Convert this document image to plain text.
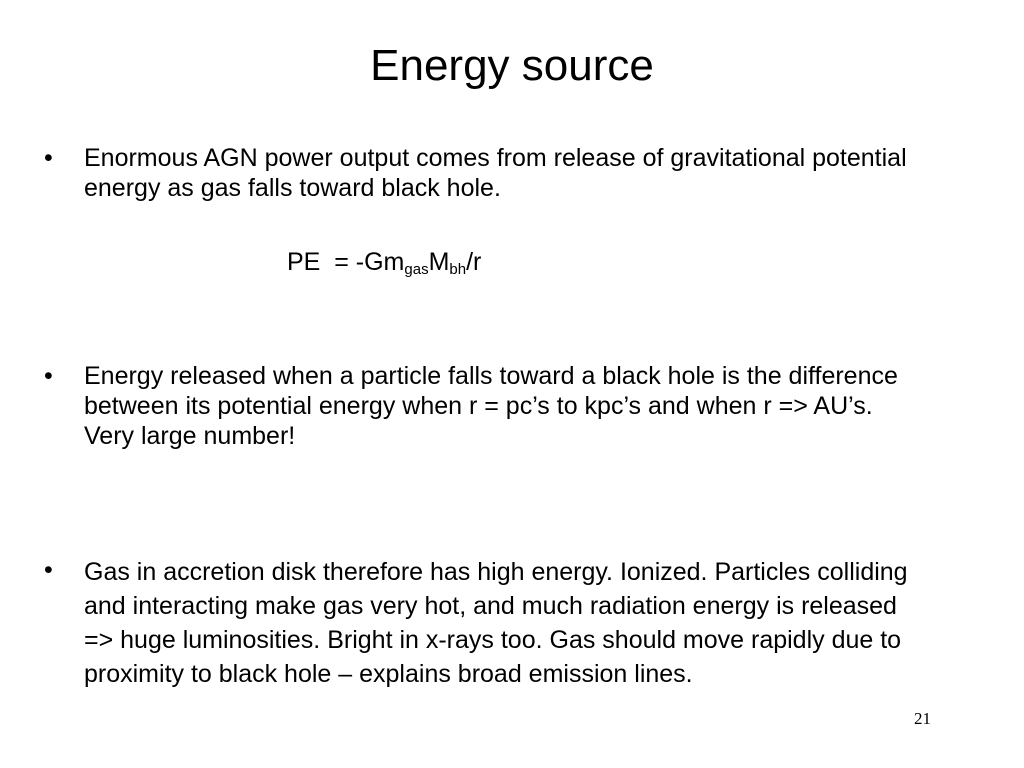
Energy source
• Enormous AGN power output comes from release of gravitational potential energy as gas falls toward black hole.
PE  = $-Gm_{gas}M_{bh}/r$
• Energy released when a particle falls toward a black hole is the difference between its potential energy when r = pc’s to kpc’s and when r => AU’s. Very large number!
• Gas in accretion disk therefore has high energy. Ionized. Particles colliding and interacting make gas very hot, and much radiation energy is released => huge luminosities. Bright in x-rays too. Gas should move rapidly due to proximity to black hole – explains broad emission lines.
21
